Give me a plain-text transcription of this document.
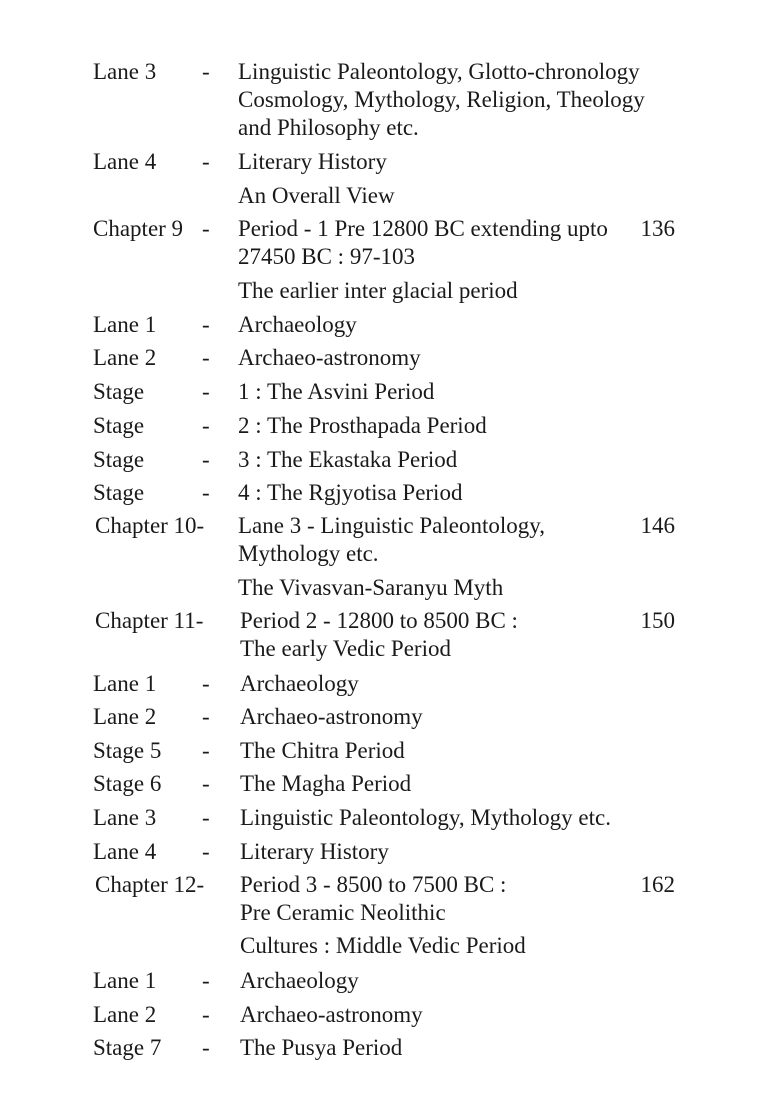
Lane 3 - Linguistic Paleontology, Glotto-chronology
Cosmology, Mythology, Religion, Theology
and Philosophy etc.
Lane 4 - Literary History
An Overall View
Chapter 9 - Period - 1 Pre 12800 BC extending upto 136
27450 BC : 97-103
The earlier inter glacial period
Lane 1 - Archaeology
Lane 2 - Archaeo-astronomy
Stage	- 1 : The Asvini Period
Stage	- 2 : The Prosthapada Period
Stage	- 3 : The Ekastaka Period
Stage	- 4 : The Rgjyotisa Period
Chapter 10- Lane 3 - Linguistic Paleontology,	146
Mythology etc.
The Vivasvan-Saranyu Myth
Chapter 11- Period 2 - 12800 to 8500 BC :	150
The early Vedic Period
Lane 1 - Archaeology
Lane 2 - Archaeo-astronomy
Stage 5 - The Chitra Period
Stage 6 - The Magha Period
Lane 3 - Linguistic Paleontology, Mythology etc.
Lane 4 - Literary History
Chapter 12- Period 3 - 8500 to 7500 BC :	162
Pre Ceramic Neolithic
Cultures : Middle Vedic Period
Lane 1 - Archaeology
Lane 2 - Archaeo-astronomy
Stage 7 - The Pusya Period
